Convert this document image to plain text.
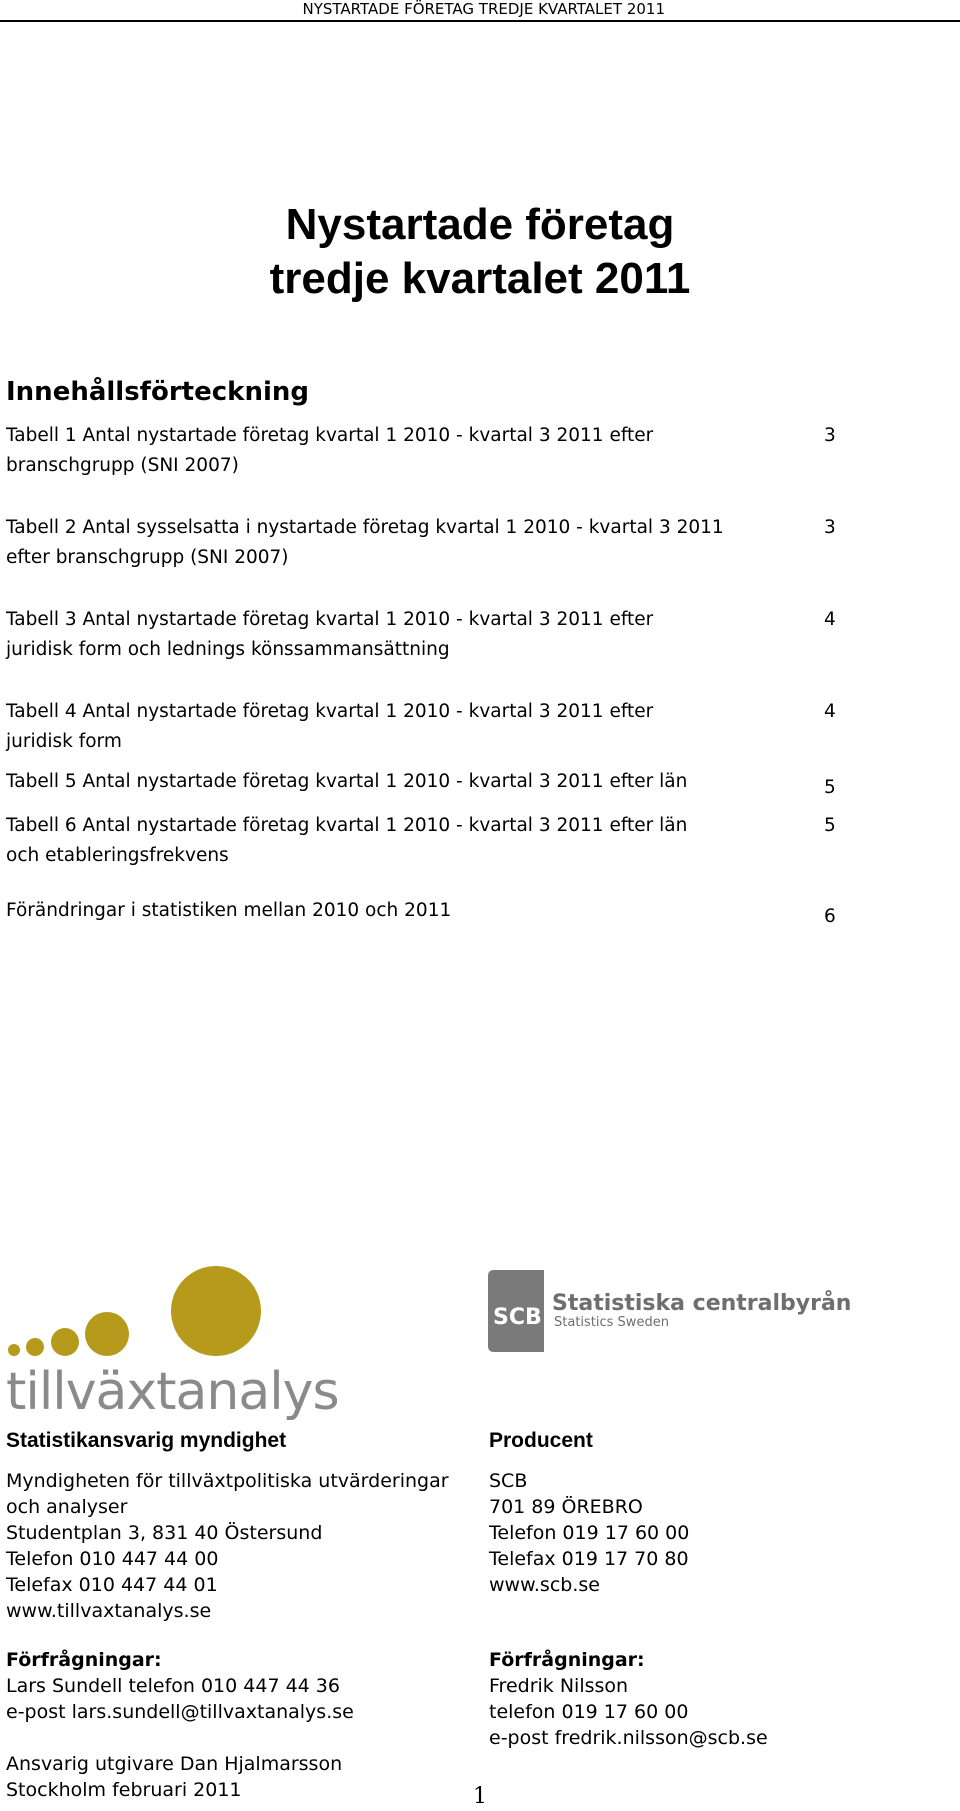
NYSTARTADE FÖRETAG TREDJE KVARTALET 2011
Nystartade företag
tredje kvartalet 2011
Innehållsförteckning
Tabell 1 Antal nystartade företag kvartal 1 2010 - kvartal 3 2011 efter
branschgrupp (SNI 2007)
3
Tabell 2 Antal sysselsatta i nystartade företag kvartal 1 2010 - kvartal 3 2011
efter branschgrupp (SNI 2007)
3
Tabell 3 Antal nystartade företag kvartal 1 2010 - kvartal 3 2011 efter
juridisk form och lednings könssammansättning
4
Tabell 4 Antal nystartade företag kvartal 1 2010 - kvartal 3 2011 efter
juridisk form
4
Tabell 5 Antal nystartade företag kvartal 1 2010 - kvartal 3 2011 efter län	5
Tabell 6 Antal nystartade företag kvartal 1 2010 - kvartal 3 2011 efter län
och etableringsfrekvens
5
Förändringar i statistiken mellan 2010 och 2011	6
tillväxtanalys
SCB
Statistiska centralbyrån
Statistics Sweden
Statistikansvarig myndighet
Myndigheten för tillväxtpolitiska utvärderingar
och analyser
Studentplan 3, 831 40 Östersund
Telefon 010 447 44 00
Telefax 010 447 44 01
www.tillvaxtanalys.se
Förfrågningar:
Lars Sundell telefon 010 447 44 36
e-post lars.sundell@tillvaxtanalys.se
Ansvarig utgivare Dan Hjalmarsson
Stockholm februari 2011
Producent
SCB
701 89 ÖREBRO
Telefon 019 17 60 00
Telefax 019 17 70 80
www.scb.se
Förfrågningar:
Fredrik Nilsson
telefon 019 17 60 00
e-post fredrik.nilsson@scb.se
1
